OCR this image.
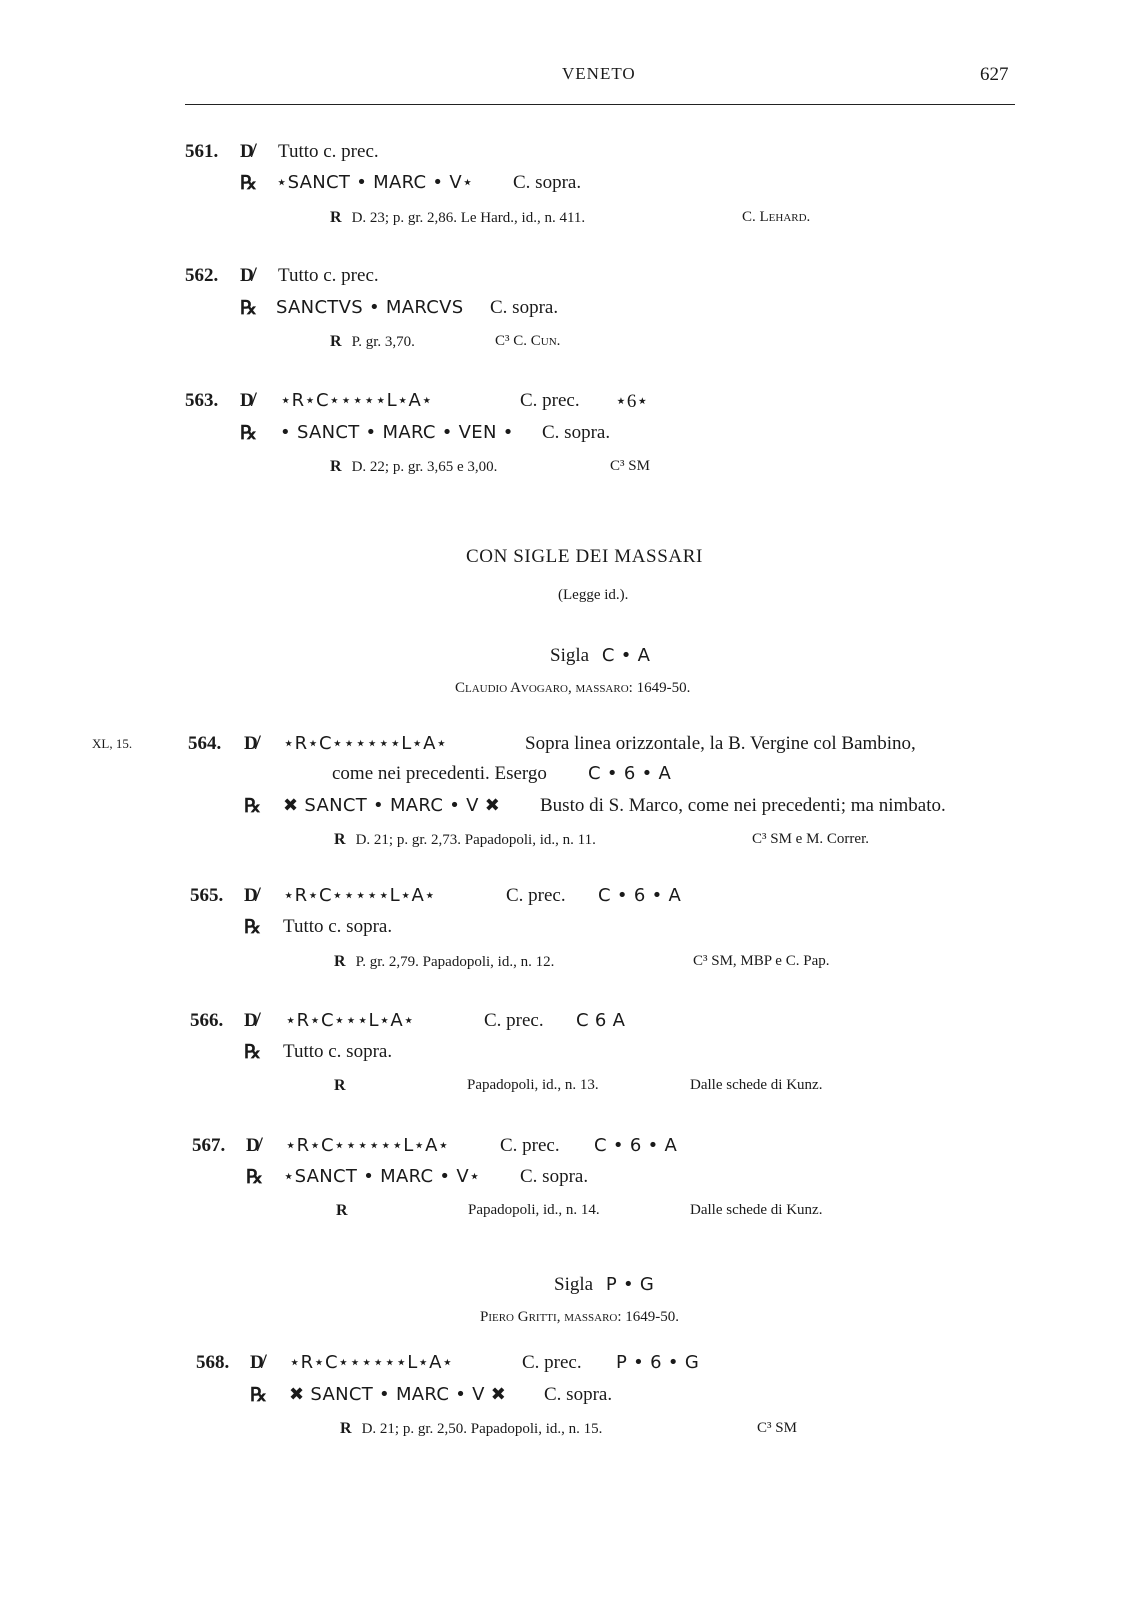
VENETO	627
561. D̸ Tutto c. prec.
℞ ⋆SANCT • MARC • V⋆ C. sopra.
R D. 23; p. gr. 2,86. Le Hard., id., n. 411.	C. Lehard.
562. D̸ Tutto c. prec.
℞ SANCTVS • MARCVS C. sopra.
R P. gr. 3,70.	C³ C. Cun.
563. D̸ ⋆R⋆C⋆⋆⋆⋆⋆L⋆A⋆	C. prec. ⋆6⋆
℞ • SANCT • MARC • VEN • C. sopra.
R D. 22; p. gr. 3,65 e 3,00.	C³ SM
CON SIGLE DEI MASSARI
(Legge id.).
Sigla C • A
Claudio Avogaro, massaro: 1649-50.
XL, 15.	564. D̸ ⋆R⋆C⋆⋆⋆⋆⋆⋆L⋆A⋆	Sopra linea orizzontale, la B. Vergine col Bambino,
come nei precedenti. Esergo C • 6 • A
℞ ✖ SANCT • MARC • V ✖ Busto di S. Marco, come nei precedenti; ma nimbato.
R D. 21; p. gr. 2,73. Papadopoli, id., n. 11.	C³ SM e M. Correr.
565. D̸ ⋆R⋆C⋆⋆⋆⋆⋆L⋆A⋆	C. prec. C • 6 • A
℞ Tutto c. sopra.
R P. gr. 2,79. Papadopoli, id., n. 12.	C³ SM, MBP e C. Pap.
566. D̸ ⋆R⋆C⋆⋆⋆L⋆A⋆	C. prec. C 6 A
℞ Tutto c. sopra.
R	Papadopoli, id., n. 13.	Dalle schede di Kunz.
567. D̸ ⋆R⋆C⋆⋆⋆⋆⋆⋆L⋆A⋆	C. prec. C • 6 • A
℞ ⋆SANCT • MARC • V⋆ C. sopra.
R	Papadopoli, id., n. 14.	Dalle schede di Kunz.
Sigla P • G
Piero Gritti, massaro: 1649-50.
568. D̸ ⋆R⋆C⋆⋆⋆⋆⋆⋆L⋆A⋆	C. prec. P • 6 • G
℞ ✖ SANCT • MARC • V ✖ C. sopra.
R D. 21; p. gr. 2,50. Papadopoli, id., n. 15.	C³ SM
